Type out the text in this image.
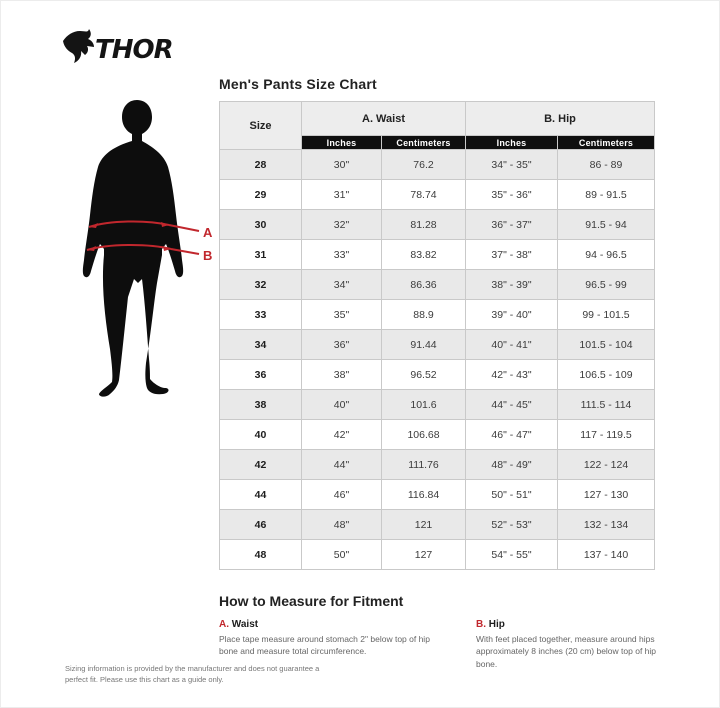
THOR
A
B
Men's Pants Size Chart
Size	A. Waist		B. Hip	
	Inches	Centimeters	Inches	Centimeters
28	30"	76.2	34" - 35"	86 - 89
29	31"	78.74	35" - 36"	89 - 91.5
30	32"	81.28	36" - 37"	91.5 - 94
31	33"	83.82	37" - 38"	94 - 96.5
32	34"	86.36	38" - 39"	96.5 - 99
33	35"	88.9	39" - 40"	99 - 101.5
34	36"	91.44	40" - 41"	101.5 - 104
36	38"	96.52	42" - 43"	106.5 - 109
38	40"	101.6	44" - 45"	111.5 - 114
40	42"	106.68	46" - 47"	117 - 119.5
42	44"	111.76	48" - 49"	122 - 124
44	46"	116.84	50" - 51"	127 - 130
46	48"	121	52" - 53"	132 - 134
48	50"	127	54" - 55"	137 - 140
How to Measure for Fitment
A. Waist
Place tape measure around stomach 2" below top of hip bone and measure total circumference.
B. Hip
With feet placed together, measure around hips approximately 8 inches (20 cm) below top of hip bone.
Sizing information is provided by the manufacturer and does not guarantee a perfect fit. Please use this chart as a guide only.
